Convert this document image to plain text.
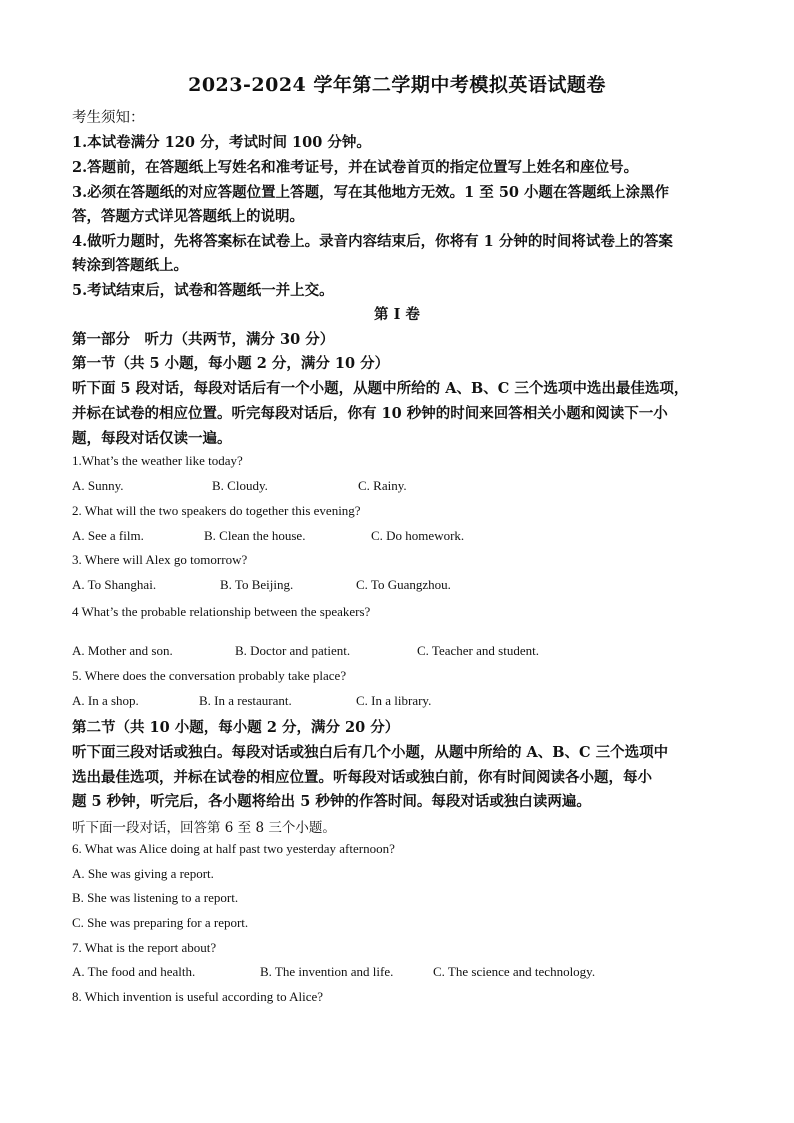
2023-2024 学年第二学期中考模拟英语试题卷
考生须知：
1.本试卷满分 120 分，考试时间 100 分钟。
2.答题前，在答题纸上写姓名和准考证号，并在试卷首页的指定位置写上姓名和座位号。
3.必须在答题纸的对应答题位置上答题，写在其他地方无效。1 至 50 小题在答题纸上涂黑作
答，答题方式详见答题纸上的说明。
4.做听力题时，先将答案标在试卷上。录音内容结束后，你将有 1 分钟的时间将试卷上的答案
转涂到答题纸上。
5.考试结束后，试卷和答题纸一并上交。
第 I 卷
第一部分　听力（共两节，满分 30 分）
第一节（共 5 小题，每小题 2 分，满分 10 分）
听下面 5 段对话，每段对话后有一个小题，从题中所给的 A、B、C 三个选项中选出最佳选项，
并标在试卷的相应位置。听完每段对话后，你有 10 秒钟的时间来回答相关小题和阅读下一小
题，每段对话仅读一遍。
1.What’s the weather like today?
A. Sunny.	B. Cloudy.	C. Rainy.
2. What will the two speakers do together this evening?
A. See a film.	B. Clean the house.	C. Do homework.
3. Where will Alex go tomorrow?
A. To Shanghai.	B. To Beijing.	C. To Guangzhou.
4 What’s the probable relationship between the speakers?
A. Mother and son.	B. Doctor and patient.	C. Teacher and student.
5. Where does the conversation probably take place?
A. In a shop.	B. In a restaurant.	C. In a library.
第二节（共 10 小题，每小题 2 分，满分 20 分）
听下面三段对话或独白。每段对话或独白后有几个小题，从题中所给的 A、B、C 三个选项中
选出最佳选项，并标在试卷的相应位置。听每段对话或独白前，你有时间阅读各小题，每小
题 5 秒钟，听完后，各小题将给出 5 秒钟的作答时间。每段对话或独白读两遍。
听下面一段对话，回答第 6 至 8 三个小题。
6. What was Alice doing at half past two yesterday afternoon?
A. She was giving a report.
B. She was listening to a report.
C. She was preparing for a report.
7. What is the report about?
A. The food and health.	B. The invention and life.	C. The science and technology.
8. Which invention is useful according to Alice?
